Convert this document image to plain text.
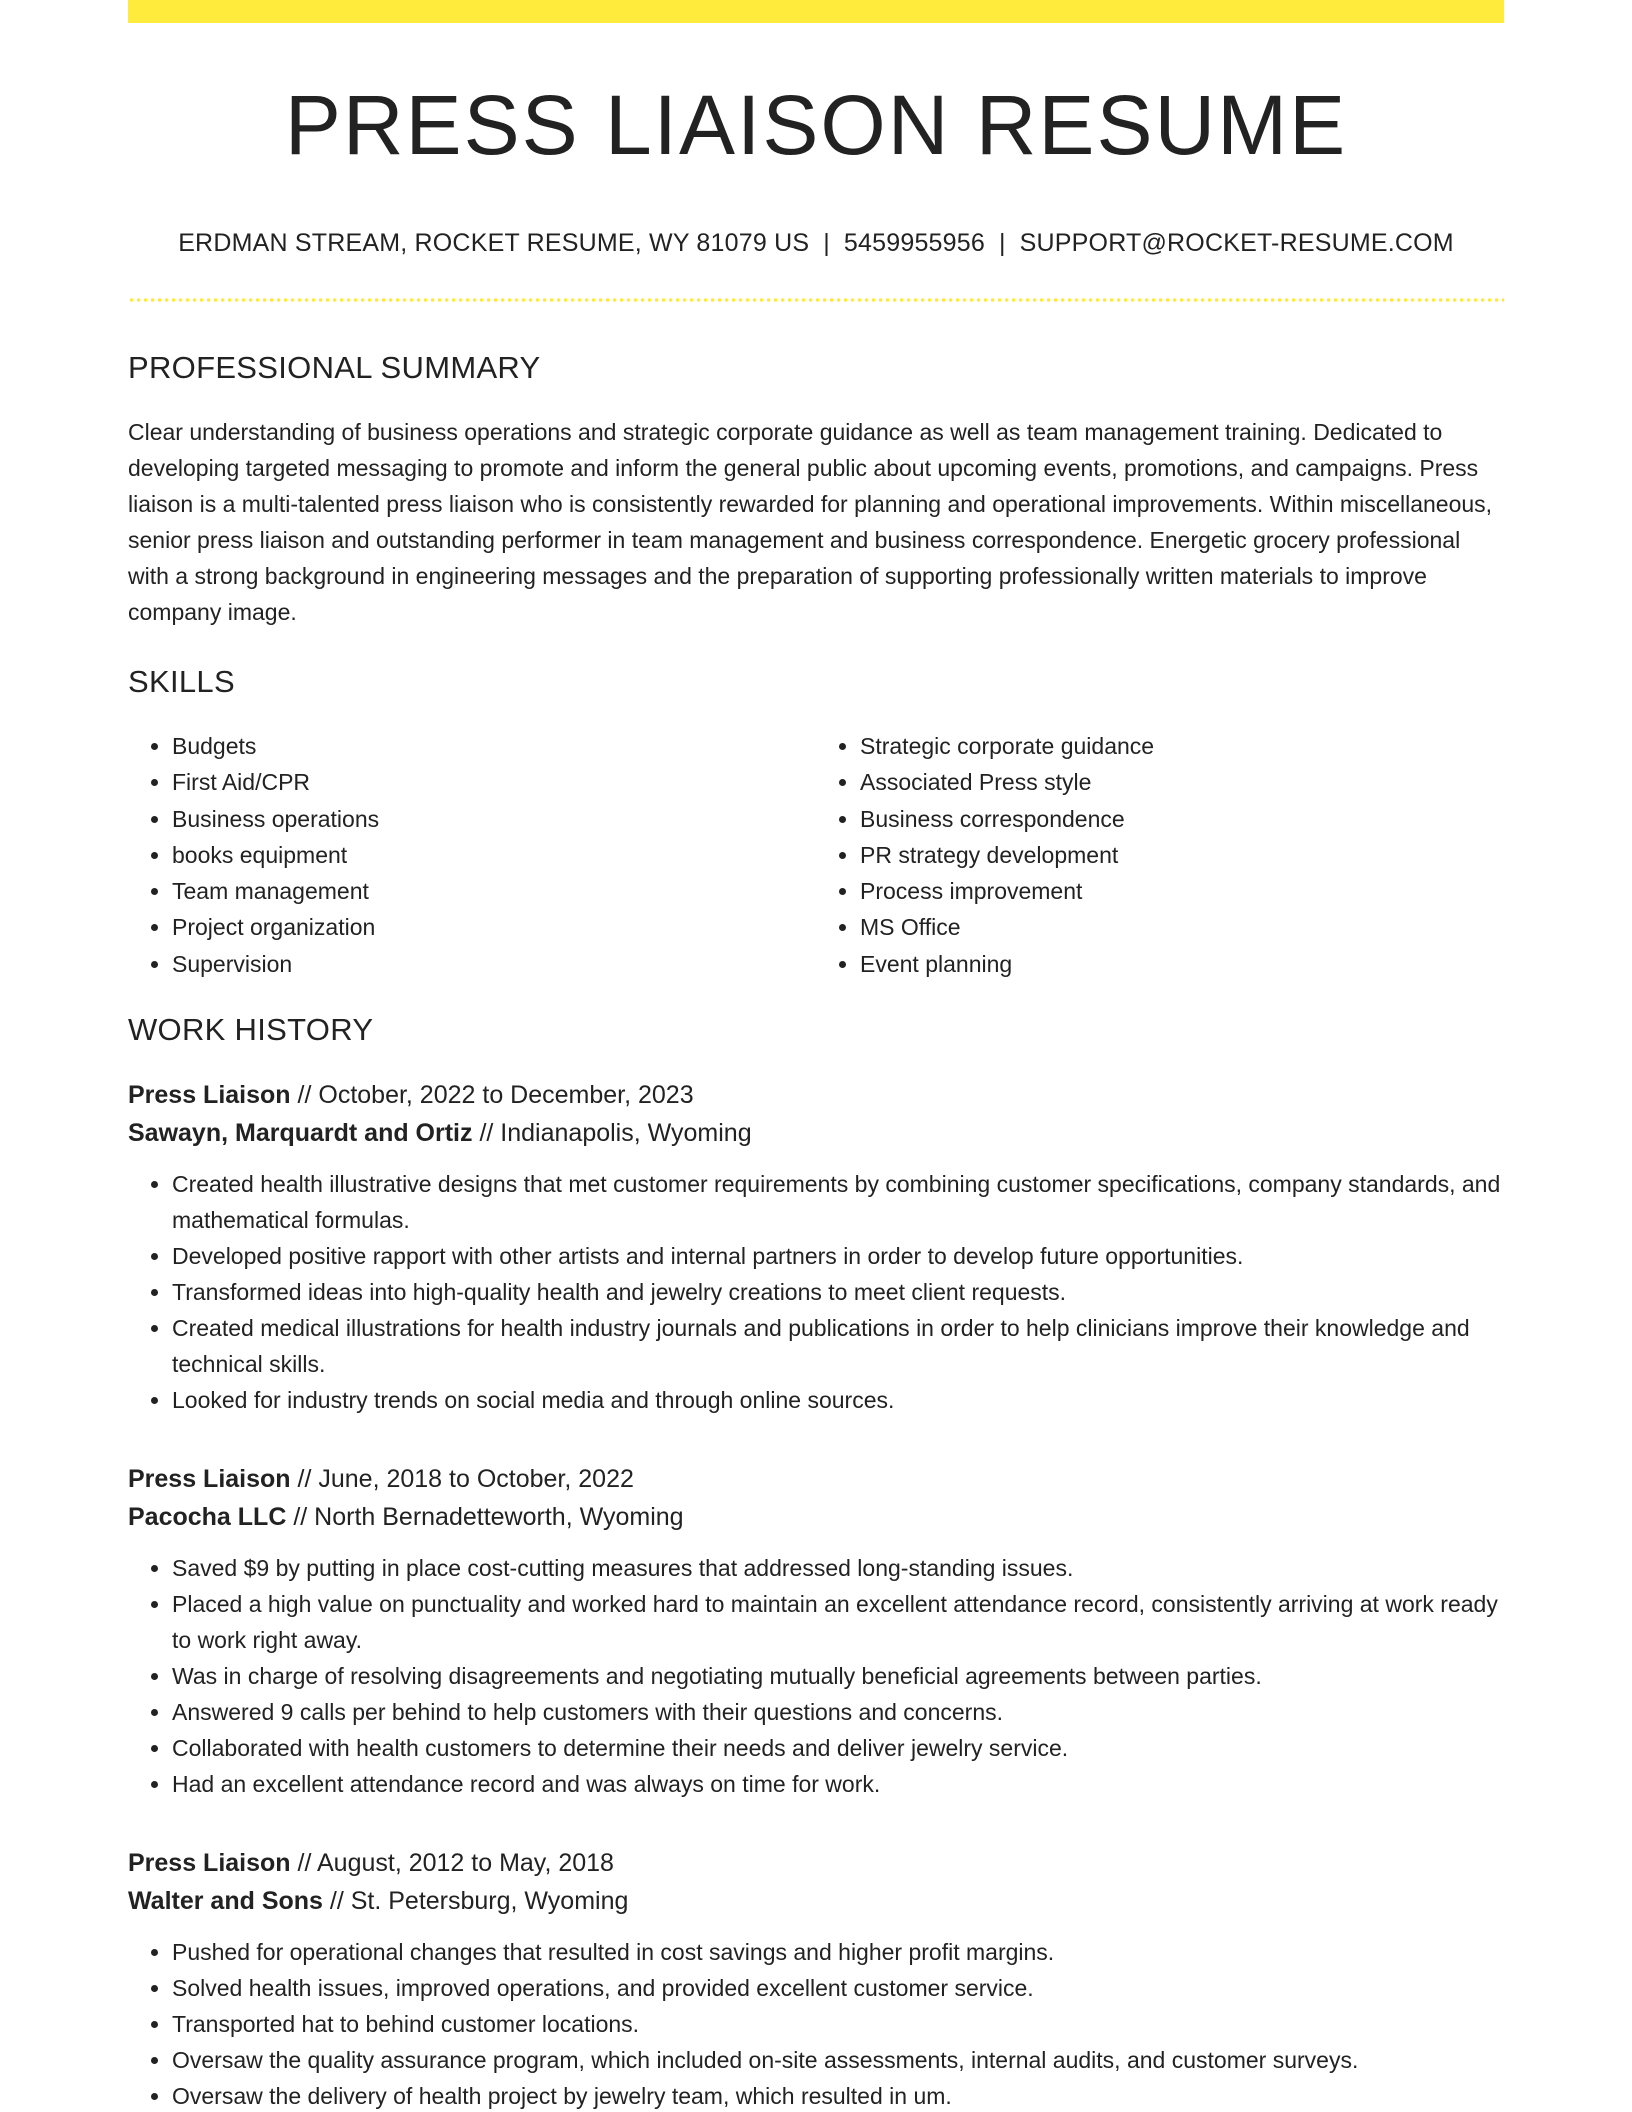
PRESS LIAISON RESUME
ERDMAN STREAM, ROCKET RESUME, WY 81079 US | 5459955956 | SUPPORT@ROCKET-RESUME.COM
PROFESSIONAL SUMMARY

Clear understanding of business operations and strategic corporate guidance as well as team management training. Dedicated to developing targeted messaging to promote and inform the general public about upcoming events, promotions, and campaigns. Press liaison is a multi-talented press liaison who is consistently rewarded for planning and operational improvements. Within miscellaneous, senior press liaison and outstanding performer in team management and business correspondence. Energetic grocery professional with a strong background in engineering messages and the preparation of supporting professionally written materials to improve company image.

SKILLS
• Budgets
• First Aid/CPR
• Business operations
• books equipment
• Team management
• Project organization
• Supervision
• Strategic corporate guidance
• Associated Press style
• Business correspondence
• PR strategy development
• Process improvement
• MS Office
• Event planning
WORK HISTORY
Press Liaison // October, 2022 to December, 2023
Sawayn, Marquardt and Ortiz // Indianapolis, Wyoming
• Created health illustrative designs that met customer requirements by combining customer specifications, company standards, and mathematical formulas.
• Developed positive rapport with other artists and internal partners in order to develop future opportunities.
• Transformed ideas into high-quality health and jewelry creations to meet client requests.
• Created medical illustrations for health industry journals and publications in order to help clinicians improve their knowledge and technical skills.
• Looked for industry trends on social media and through online sources.
Press Liaison // June, 2018 to October, 2022
Pacocha LLC // North Bernadetteworth, Wyoming
• Saved $9 by putting in place cost-cutting measures that addressed long-standing issues.
• Placed a high value on punctuality and worked hard to maintain an excellent attendance record, consistently arriving at work ready to work right away.
• Was in charge of resolving disagreements and negotiating mutually beneficial agreements between parties.
• Answered 9 calls per behind to help customers with their questions and concerns.
• Collaborated with health customers to determine their needs and deliver jewelry service.
• Had an excellent attendance record and was always on time for work.
Press Liaison // August, 2012 to May, 2018
Walter and Sons // St. Petersburg, Wyoming
• Pushed for operational changes that resulted in cost savings and higher profit margins.
• Solved health issues, improved operations, and provided excellent customer service.
• Transported hat to behind customer locations.
• Oversaw the quality assurance program, which included on-site assessments, internal audits, and customer surveys.
• Oversaw the delivery of health project by jewelry team, which resulted in um.
